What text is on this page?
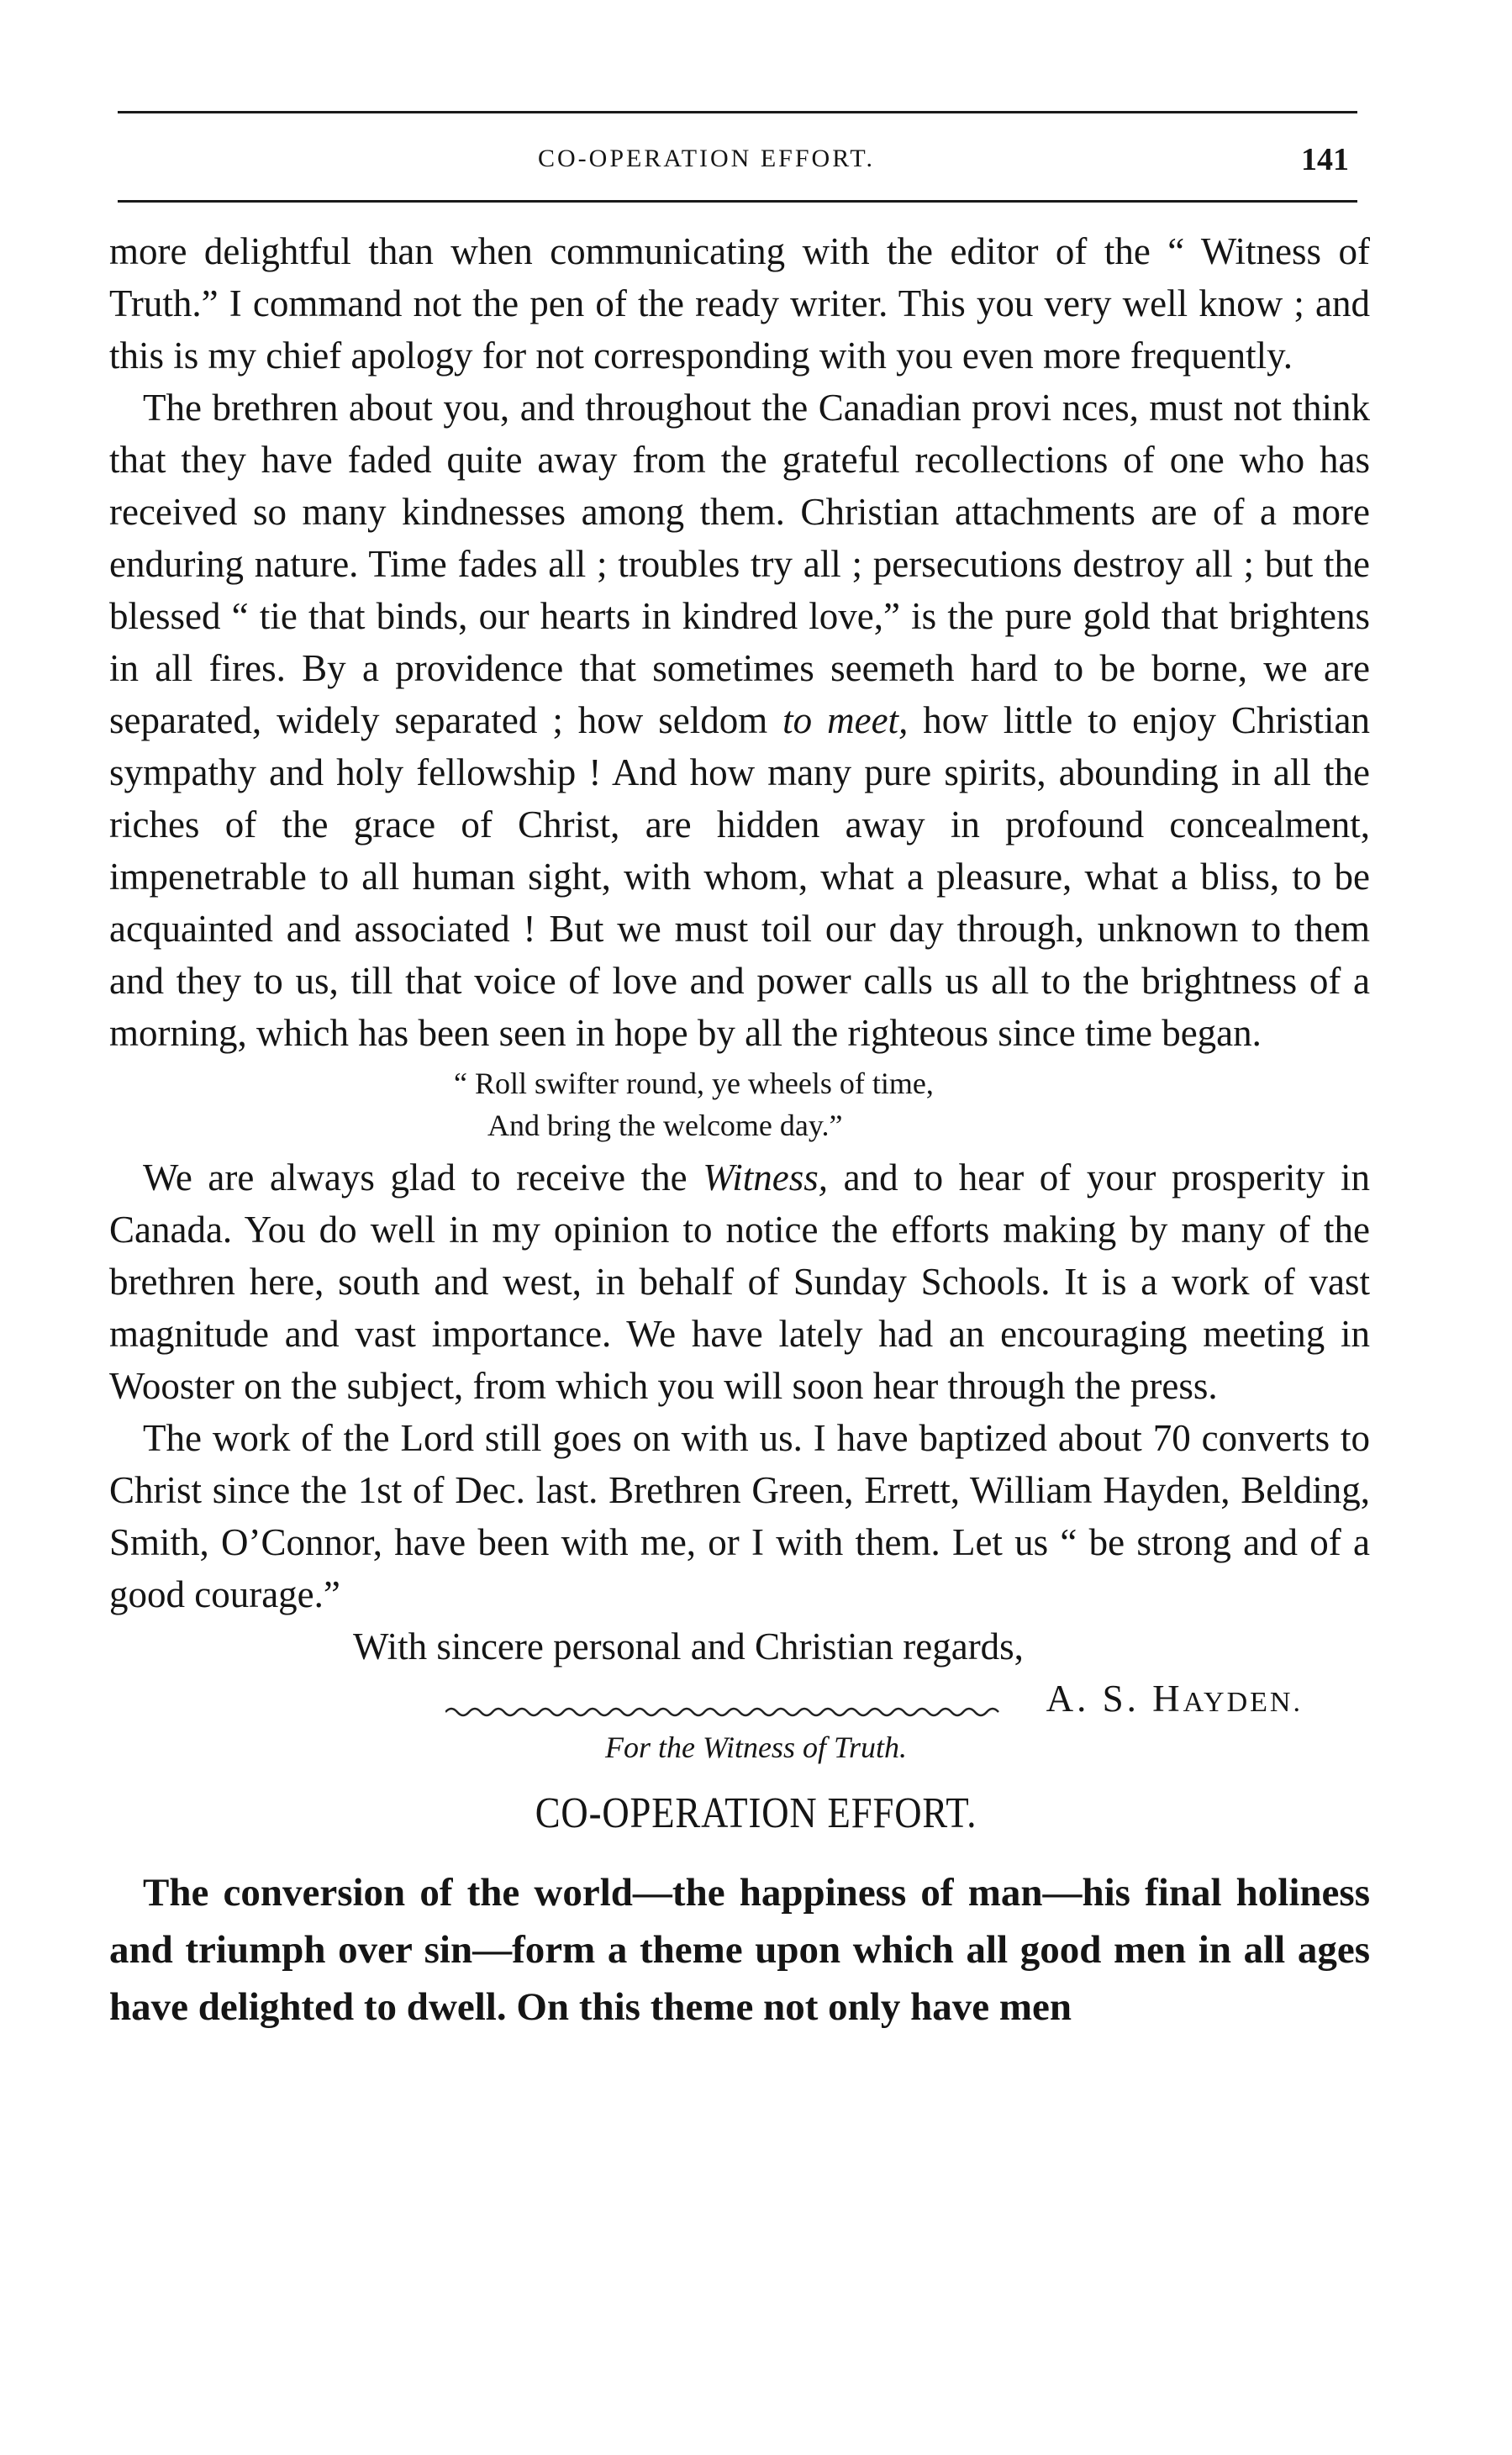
CO-OPERATION EFFORT.	141

more delightful than when communicating with the editor of the “ Witness of Truth.” I command not the pen of the ready writer. This you very well know ; and this is my chief apology for not corresponding with you even more frequently.

The brethren about you, and throughout the Canadian provi nces, must not think that they have faded quite away from the grateful recollections of one who has received so many kindnesses among them. Christian attachments are of a more enduring nature. Time fades all ; troubles try all ; persecutions destroy all ; but the blessed “ tie that binds, our hearts in kindred love,” is the pure gold that brightens in all fires. By a providence that sometimes seemeth hard to be borne, we are separated, widely separated ; how seldom to meet, how little to enjoy Christian sympathy and holy fellowship ! And how many pure spirits, abounding in all the riches of the grace of Christ, are hidden away in profound concealment, impenetrable to all human sight, with whom, what a pleasure, what a bliss, to be acquainted and associated ! But we must toil our day through, unknown to them and they to us, till that voice of love and power calls us all to the brightness of a morning, which has been seen in hope by all the righteous since time began.

“ Roll swifter round, ye wheels of time,
And bring the welcome day.”

We are always glad to receive the Witness, and to hear of your prosperity in Canada. You do well in my opinion to notice the efforts making by many of the brethren here, south and west, in behalf of Sunday Schools. It is a work of vast magnitude and vast importance. We have lately had an encouraging meeting in Wooster on the subject, from which you will soon hear through the press.

The work of the Lord still goes on with us. I have baptized about 70 converts to Christ since the 1st of Dec. last. Brethren Green, Errett, William Hayden, Belding, Smith, O’Connor, have been with me, or I with them. Let us “ be strong and of a good courage.”

With sincere personal and Christian regards,
A. S. HAYDEN.
For the Witness of Truth.
CO-OPERATION EFFORT.

The conversion of the world—the happiness of man—his final holiness and triumph over sin—form a theme upon which all good men in all ages have delighted to dwell. On this theme not only have men
